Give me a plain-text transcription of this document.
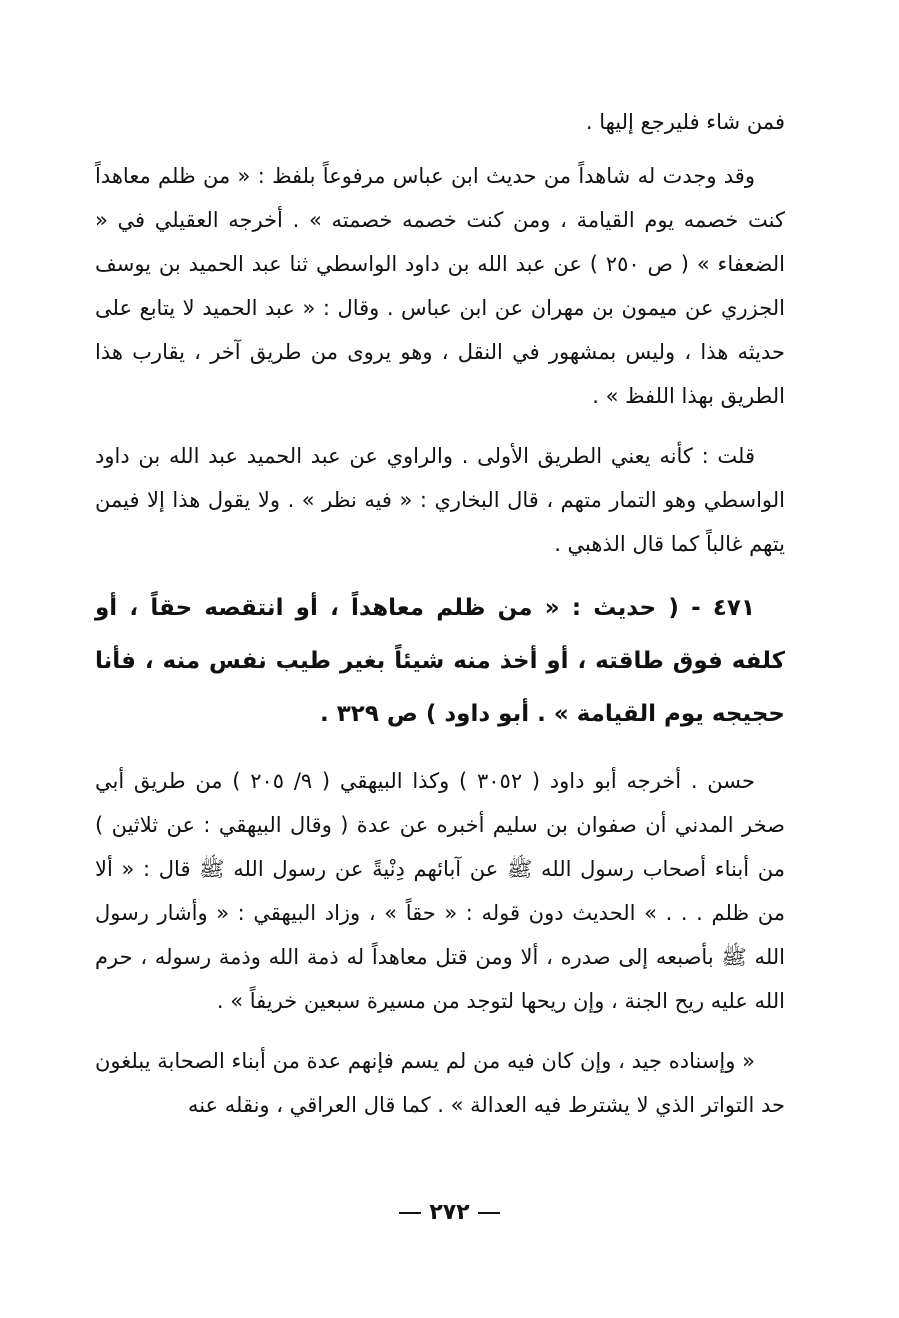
فمن شاء فليرجع إليها .

وقد وجدت له شاهداً من حديث ابن عباس مرفوعاً بلفظ : « من ظلم معاهداً كنت خصمه يوم القيامة ، ومن كنت خصمه خصمته » . أخرجه العقيلي في « الضعفاء » ( ص ٢٥٠ ) عن عبد الله بن داود الواسطي ثنا عبد الحميد بن يوسف الجزري عن ميمون بن مهران عن ابن عباس . وقال : « عبد الحميد لا يتابع على حديثه هذا ، وليس بمشهور في النقل ، وهو يروى من طريق آخر ، يقارب هذا الطريق بهذا اللفظ » .

قلت : كأنه يعني الطريق الأولى . والراوي عن عبد الحميد عبد الله بن داود الواسطي وهو التمار متهم ، قال البخاري : « فيه نظر » . ولا يقول هذا إلا فيمن يتهم غالباً كما قال الذهبي .

٤٧١ - ( حديث : « من ظلم معاهداً ، أو انتقصه حقاً ، أو كلفه فوق طاقته ، أو أخذ منه شيئاً بغير طيب نفس منه ، فأنا حجيجه يوم القيامة » . أبو داود ) ص ٣٢٩ .

حسن . أخرجه أبو داود ( ٣٠٥٢ ) وكذا البيهقي ( ٩/ ٢٠٥ ) من طريق أبي صخر المدني أن صفوان بن سليم أخبره عن عدة ( وقال البيهقي : عن ثلاثين ) من أبناء أصحاب رسول الله ﷺ عن آبائهم دِنْيةً عن رسول الله ﷺ قال : « ألا من ظلم . . . » الحديث دون قوله : « حقاً » ، وزاد البيهقي : « وأشار رسول الله ﷺ بأصبعه إلى صدره ، ألا ومن قتل معاهداً له ذمة الله وذمة رسوله ، حرم الله عليه ريح الجنة ، وإن ريحها لتوجد من مسيرة سبعين خريفاً » .

« وإسناده جيد ، وإن كان فيه من لم يسم فإنهم عدة من أبناء الصحابة يبلغون حد التواتر الذي لا يشترط فيه العدالة » . كما قال العراقي ، ونقله عنه

٢٧٢
